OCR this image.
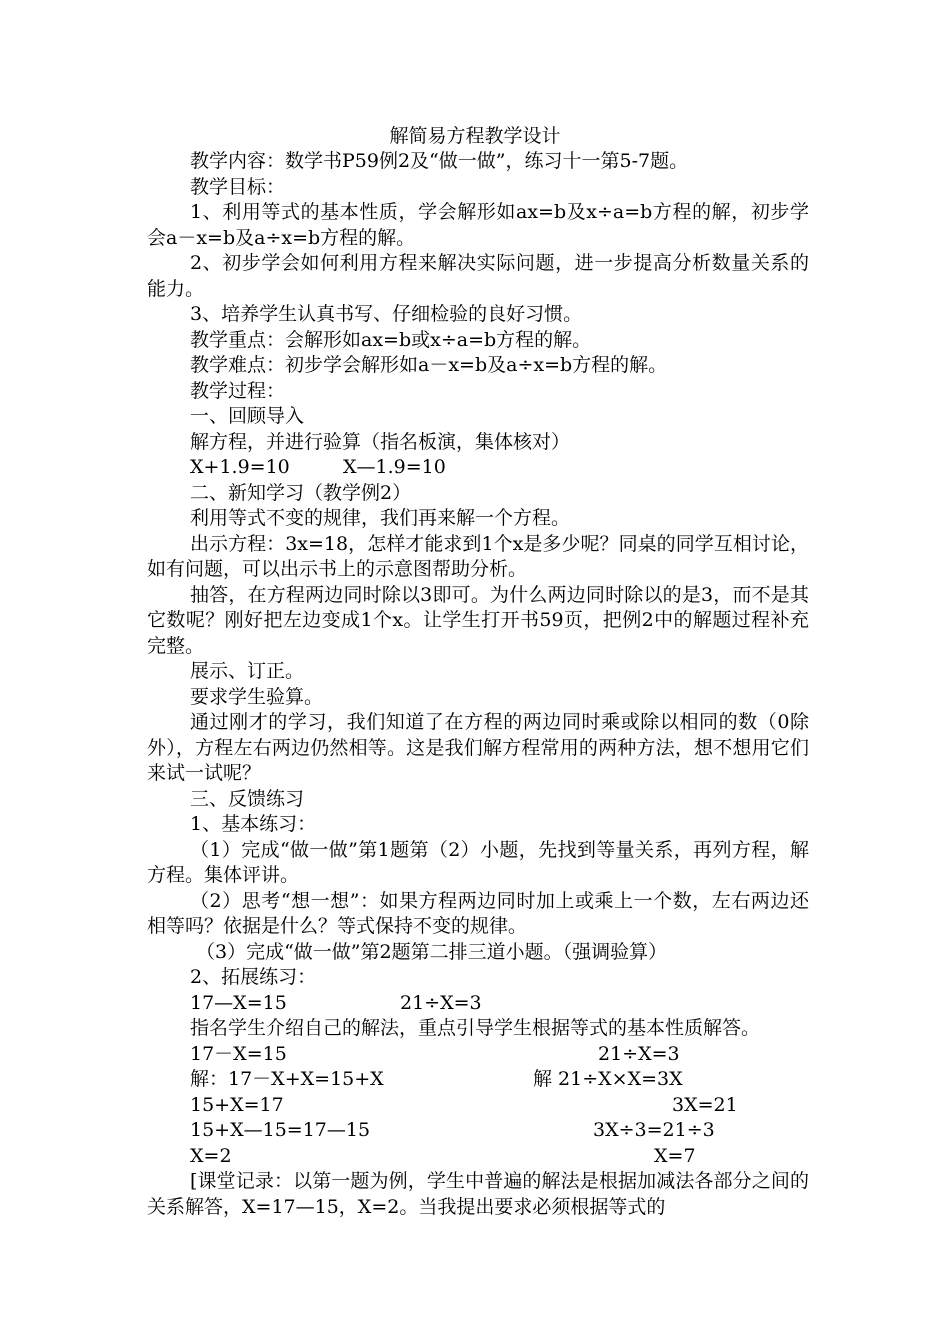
解简易方程教学设计

教学内容：数学书P59例2及“做一做”，练习十一第5-7题。

教学目标：

1、利用等式的基本性质，学会解形如ax=b及x÷a=b方程的解，初步学会a－x=b及a÷x=b方程的解。

2、初步学会如何利用方程来解决实际问题，进一步提高分析数量关系的能力。

3、培养学生认真书写、仔细检验的良好习惯。

教学重点：会解形如ax=b或x÷a=b方程的解。

教学难点：初步学会解形如a－x=b及a÷x=b方程的解。

教学过程：

一、回顾导入

解方程，并进行验算（指名板演，集体核对）

X+1.9=10	X—1.9=10

二、新知学习（教学例2）

利用等式不变的规律，我们再来解一个方程。

出示方程：3x=18，怎样才能求到1个x是多少呢？同桌的同学互相讨论，如有问题，可以出示书上的示意图帮助分析。

抽答，在方程两边同时除以3即可。为什么两边同时除以的是3，而不是其它数呢？刚好把左边变成1个x。让学生打开书59页，把例2中的解题过程补充完整。

展示、订正。

要求学生验算。

通过刚才的学习，我们知道了在方程的两边同时乘或除以相同的数（0除外），方程左右两边仍然相等。这是我们解方程常用的两种方法，想不想用它们来试一试呢？

三、反馈练习

1、基本练习：

（1）完成“做一做”第1题第（2）小题，先找到等量关系，再列方程，解方程。集体评讲。

（2）思考“想一想”：如果方程两边同时加上或乘上一个数，左右两边还相等吗？依据是什么？等式保持不变的规律。

（3）完成“做一做”第2题第二排三道小题。（强调验算）

2、拓展练习：

17—X=15	21÷X=3

指名学生介绍自己的解法，重点引导学生根据等式的基本性质解答。

17－X=15	21÷X=3
解：17－X+X=15+X	解 21÷X×X=3X
15+X=17	3X=21
15+X—15=17—15	3X÷3=21÷3
X=2	X=7

[课堂记录：以第一题为例，学生中普遍的解法是根据加减法各部分之间的关系解答，X=17—15，X=2。当我提出要求必须根据等式的
